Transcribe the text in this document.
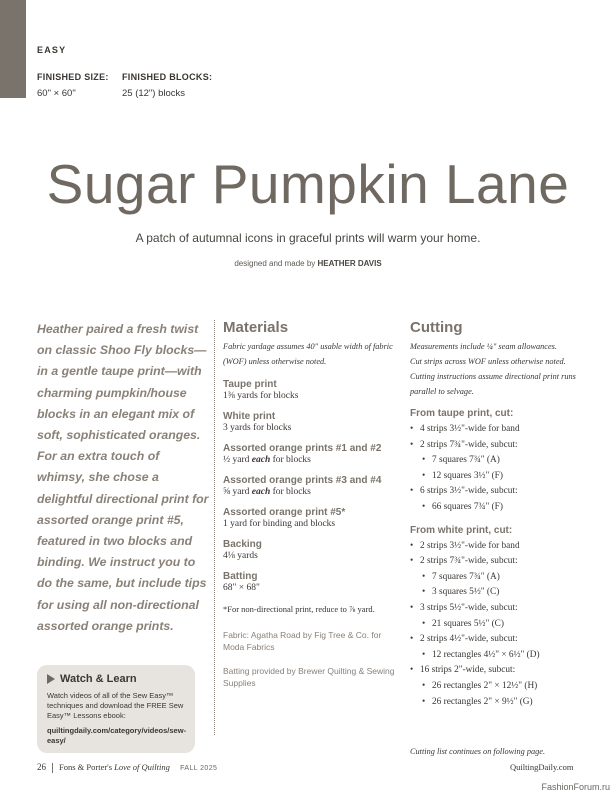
EASY
FINISHED SIZE:
60" × 60"
FINISHED BLOCKS:
25 (12") blocks
Sugar Pumpkin Lane
A patch of autumnal icons in graceful prints will warm your home.
designed and made by HEATHER DAVIS
Heather paired a fresh twist on classic Shoo Fly blocks—in a gentle taupe print—with charming pumpkin/house blocks in an elegant mix of soft, sophisticated oranges. For an extra touch of whimsy, she chose a delightful directional print for assorted orange print #5, featured in two blocks and binding. We instruct you to do the same, but include tips for using all non-directional assorted orange prints.
Materials
Fabric yardage assumes 40" usable width of fabric (WOF) unless otherwise noted.
Taupe print
1⅜ yards for blocks
White print
3 yards for blocks
Assorted orange prints #1 and #2
½ yard each for blocks
Assorted orange prints #3 and #4
⅝ yard each for blocks
Assorted orange print #5*
1 yard for binding and blocks
Backing
4⅛ yards
Batting
68" × 68"
*For non-directional print, reduce to ⅞ yard.
Fabric: Agatha Road by Fig Tree & Co. for Moda Fabrics
Batting provided by Brewer Quilting & Sewing Supplies
Cutting
Measurements include ¼" seam allowances.
Cut strips across WOF unless otherwise noted.
Cutting instructions assume directional print runs parallel to selvage.
From taupe print, cut:
• 4 strips 3½"-wide for band
• 2 strips 7¾"-wide, subcut:
• 7 squares 7¾" (A)
• 12 squares 3½" (F)
• 6 strips 3½"-wide, subcut:
• 66 squares 7¾" (F)
From white print, cut:
• 2 strips 3½"-wide for band
• 2 strips 7¾"-wide, subcut:
• 7 squares 7¾" (A)
• 3 squares 5½" (C)
• 3 strips 5½"-wide, subcut:
• 21 squares 5½" (C)
• 2 strips 4½"-wide, subcut:
• 12 rectangles 4½" × 6½" (D)
• 16 strips 2"-wide, subcut:
• 26 rectangles 2" × 12½" (H)
• 26 rectangles 2" × 9½" (G)
Cutting list continues on following page.
Watch & Learn
Watch videos of all of the Sew Easy™ techniques and download the FREE Sew Easy™ Lessons ebook:
quiltingdaily.com/category/videos/sew-easy/
26 Fons & Porter's Love of Quilting FALL 2025	QuiltingDaily.com
FashionForum.ru
